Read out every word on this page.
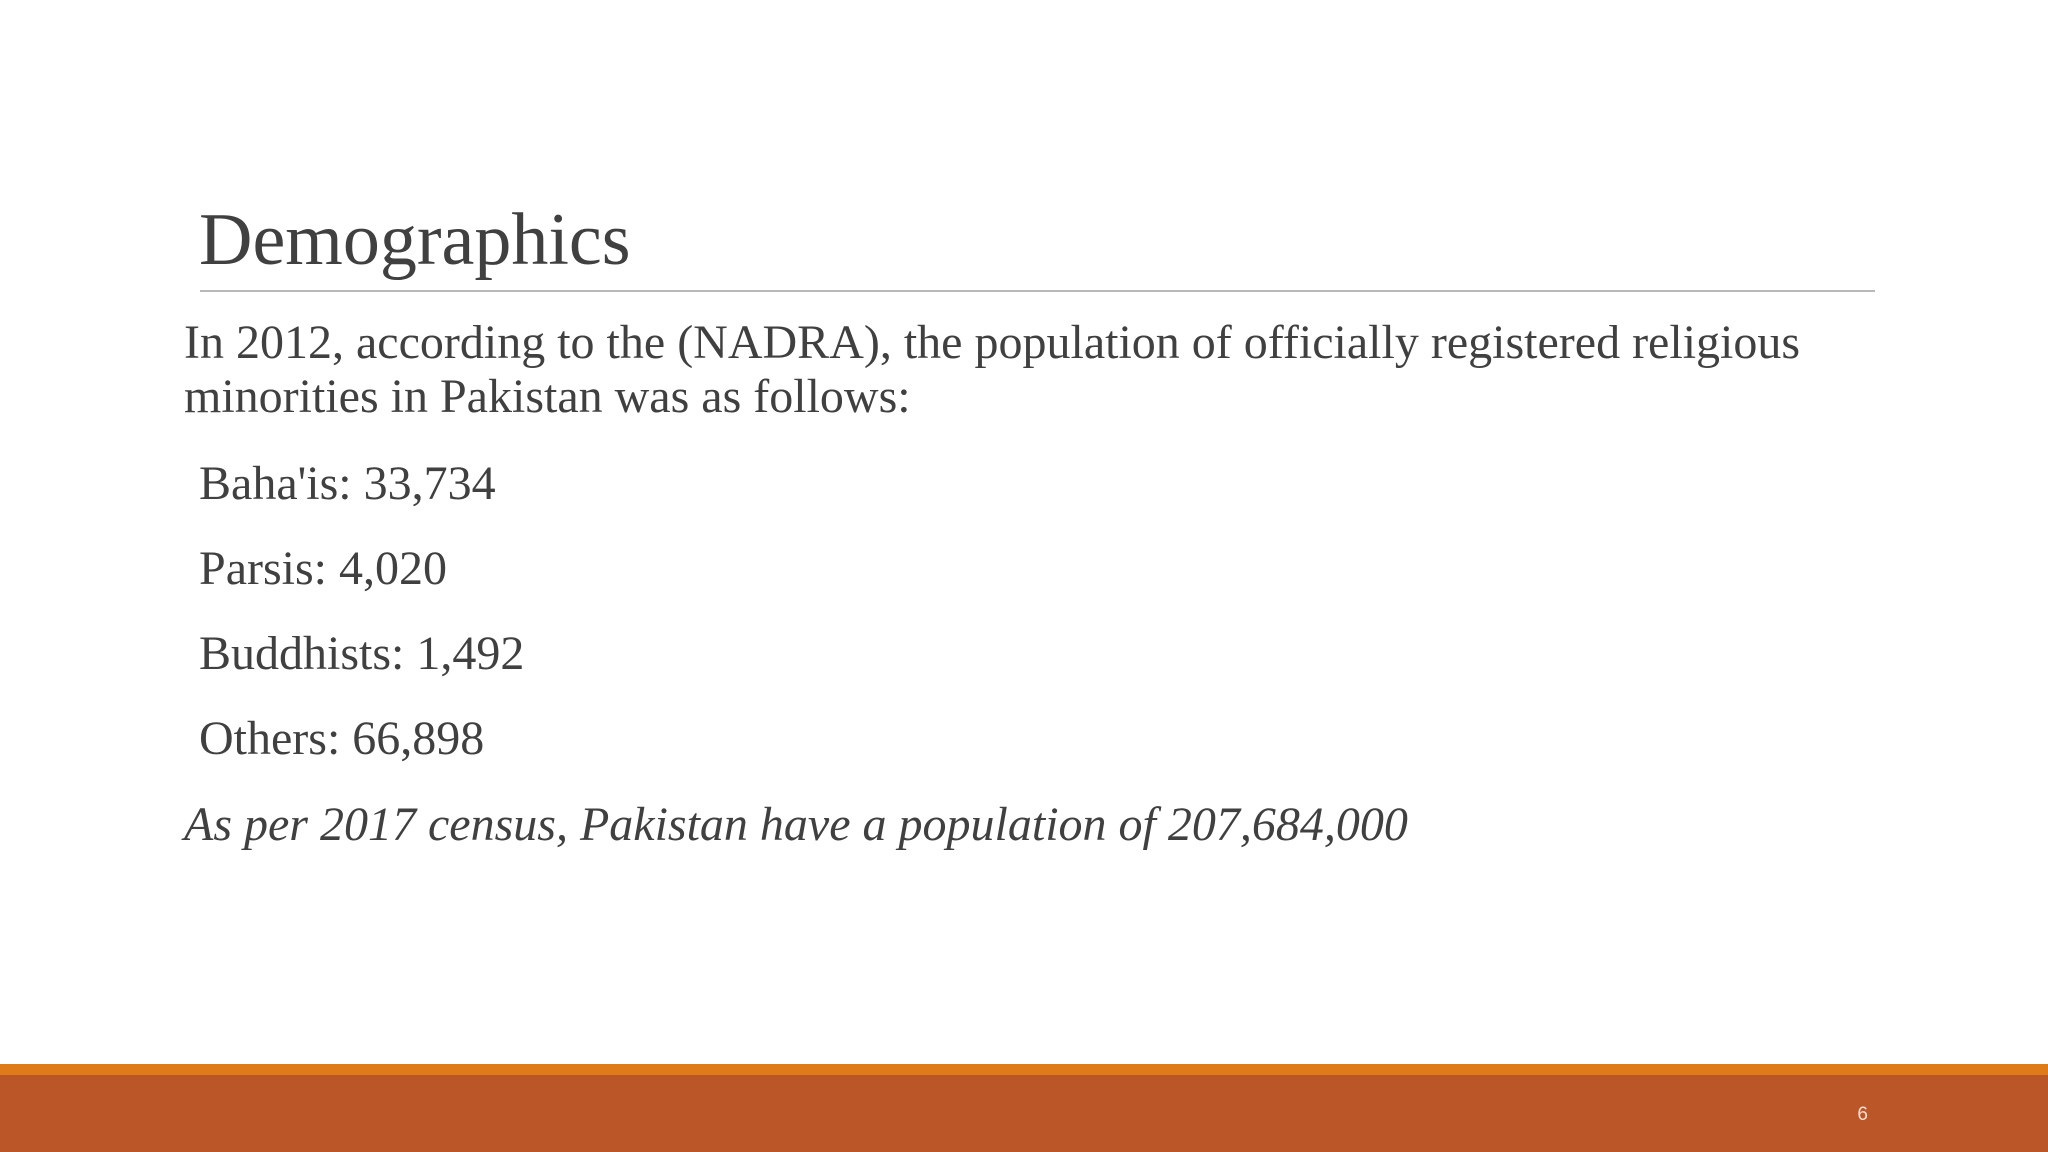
Demographics

In 2012, according to the (NADRA), the population of officially registered religious minorities in Pakistan was as follows:

Baha'is: 33,734

Parsis: 4,020

Buddhists: 1,492

Others: 66,898

As per 2017 census, Pakistan have a population of 207,684,000

6
